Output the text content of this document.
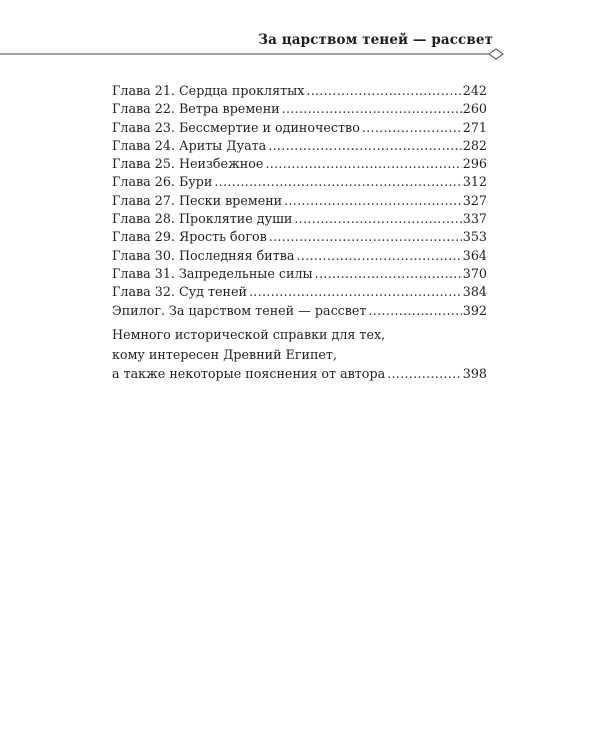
За царством теней — рассвет
Глава 21. Сердца проклятых .....	242
Глава 22. Ветра времени .....	260
Глава 23. Бессмертие и одиночество .....	271
Глава 24. Ариты Дуата .....	282
Глава 25. Неизбежное .....	296
Глава 26. Бури .....	312
Глава 27. Пески времени .....	327
Глава 28. Проклятие души .....	337
Глава 29. Ярость богов .....	353
Глава 30. Последняя битва .....	364
Глава 31. Запредельные силы .....	370
Глава 32. Суд теней .....	384
Эпилог. За царством теней — рассвет .....	392
Немного исторической справки для тех,
кому интересен Древний Египет,
а также некоторые пояснения от автора .....	398
